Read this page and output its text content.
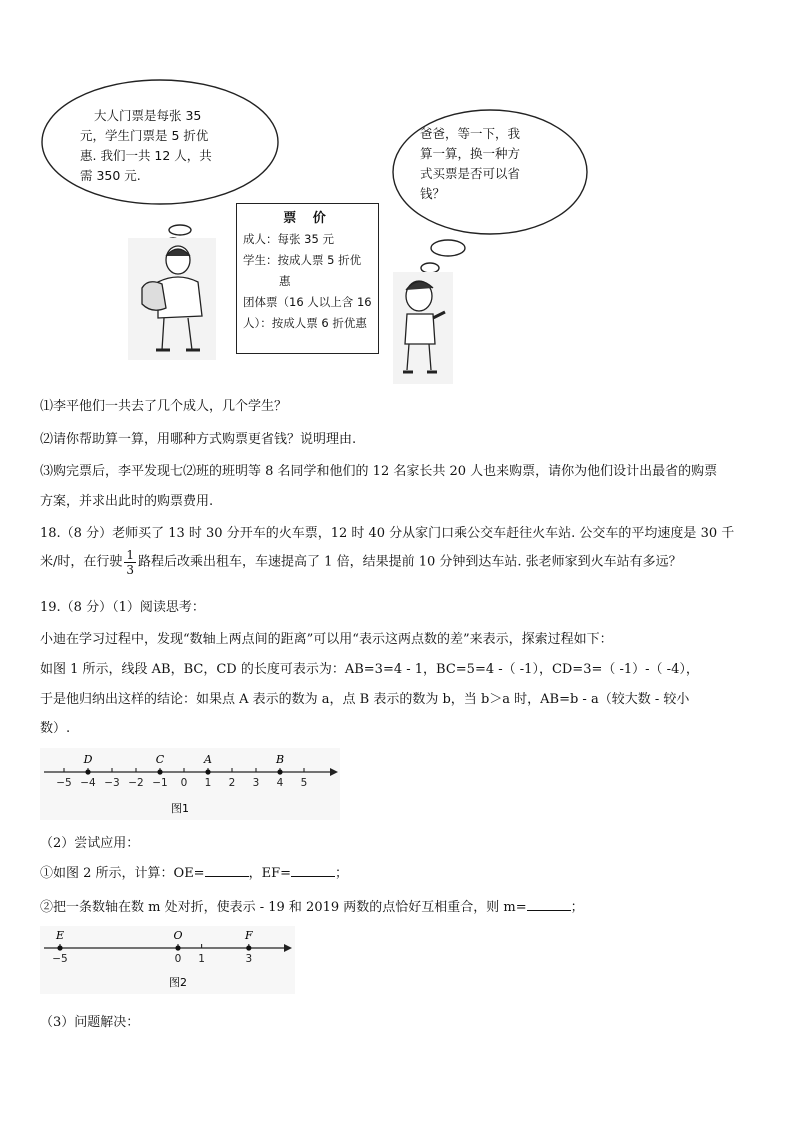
大人门票是每张 35
元，学生门票是 5 折优
惠. 我们一共 12 人，共
需 350 元.
爸爸，等一下，我
算一算，换一种方
式买票是否可以省
钱？
票 价
成人：每张 35 元
学生：按成人票 5 折优
惠
团体票（16 人以上含 16
人）：按成人票 6 折优惠
⑴李平他们一共去了几个成人，几个学生？
⑵请你帮助算一算，用哪种方式购票更省钱？说明理由.
⑶购完票后，李平发现七⑵班的班明等 8 名同学和他们的 12 名家长共 20 人也来购票，请你为他们设计出最省的购票
方案，并求出此时的购票费用.
18.（8 分）老师买了 13 时 30 分开车的火车票，12 时 40 分从家门口乘公交车赶往火车站. 公交车的平均速度是 30 千
米/时，在行驶 $\frac{1}{3}$ 路程后改乘出租车，车速提高了 1 倍，结果提前 10 分钟到达车站. 张老师家到火车站有多远？
19.（8 分）（1）阅读思考：
小迪在学习过程中，发现“数轴上两点间的距离”可以用“表示这两点数的差”来表示，探索过程如下：
如图 1 所示，线段 AB，BC，CD 的长度可表示为：AB=3=4 - 1，BC=5=4 -（ -1），CD=3=（ -1）-（ -4），
于是他归纳出这样的结论：如果点 A 表示的数为 a，点 B 表示的数为 b，当 b＞a 时，AB=b - a（较大数 - 较小
数）.
−5 −4 −3 −2 −1 0 1 2 3 4 5
D	C	A	B
图1
（2）尝试应用：
①如图 2 所示，计算：OE=	，EF=	；
②把一条数轴在数 m 处对折，使表示 - 19 和 2019 两数的点恰好互相重合，则 m=	；
−5	0 1	3
E	O	F
图2
（3）问题解决：
